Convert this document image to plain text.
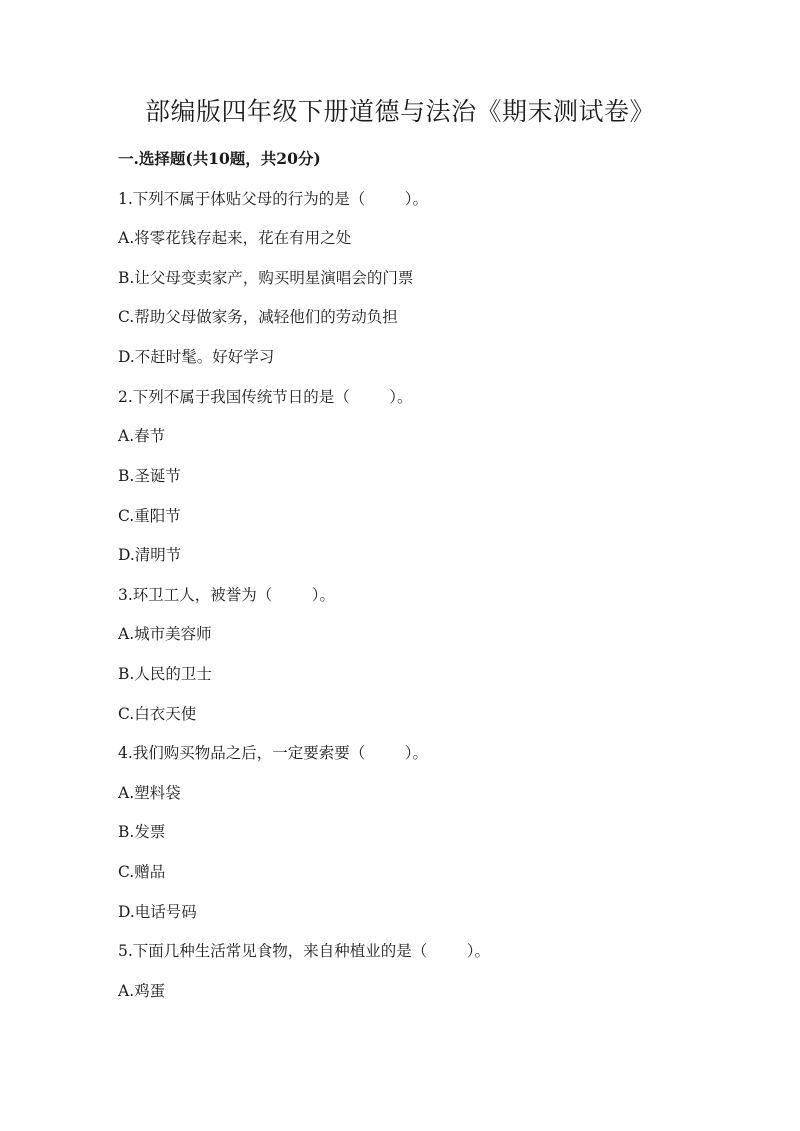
部编版四年级下册道德与法治《期末测试卷》

一.选择题(共10题，共20分)

1.下列不属于体贴父母的行为的是（        ）。

A.将零花钱存起来，花在有用之处

B.让父母变卖家产，购买明星演唱会的门票

C.帮助父母做家务，减轻他们的劳动负担

D.不赶时髦。好好学习

2.下列不属于我国传统节日的是（        ）。

A.春节

B.圣诞节

C.重阳节

D.清明节

3.环卫工人，被誉为（        ）。

A.城市美容师

B.人民的卫士

C.白衣天使

4.我们购买物品之后，一定要索要（        ）。

A.塑料袋

B.发票

C.赠品

D.电话号码

5.下面几种生活常见食物，来自种植业的是（        ）。

A.鸡蛋
